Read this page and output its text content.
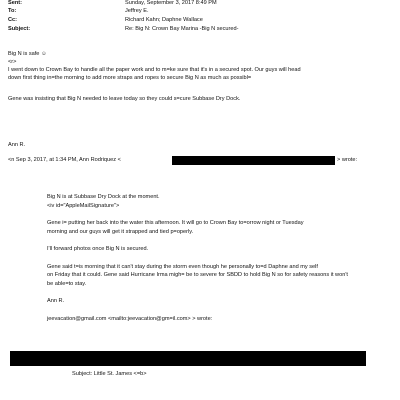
Sent:	Sunday, September 3, 2017 8:49 PM
To:	Jeffrey E.
Cc:	Richard Kahn; Daphne Wallace
Subject:	Re: Big N: Crown Bay Marina -Big N secured-
Big N is safe ☺
<r>
I went down to Crown Bay to handle all the paper work and to m=ke sure that it's in a secured spot. Our guys will head
down first thing in=the morning to add more straps and ropes to secure Big N as much as possibl=
Gene was insisting that Big N needed to leave today so they could s=cure Subbase Dry Dock.
Ann R.
<n Sep 3, 2017, at 1:34 PM, Ann Rodriquez <	> wrote:
Big N is at Subbase Dry Dock at the moment.
<iv id="AppleMailSignature">
Gene i= putting her back into the water this afternoon. It will go to Crown Bay to=orrow night or Tuesday
morning and our guys will get it strapped and tied p=operly.
I'll forward photos once Big N is secured.
Gene said t=is morning that it can't stay during the storm even though he personally to=d Daphne and my self
on Friday that it could. Gene said Hurricane Irma migh= be to severe for SBDD to hold Big N so for safety reasons it won't
be able=to stay.
Ann R.
jeevacation@gmail.com <mailto:jeevacation@gm=il.com> > wrote:
Subject: Little St. James <=b>
